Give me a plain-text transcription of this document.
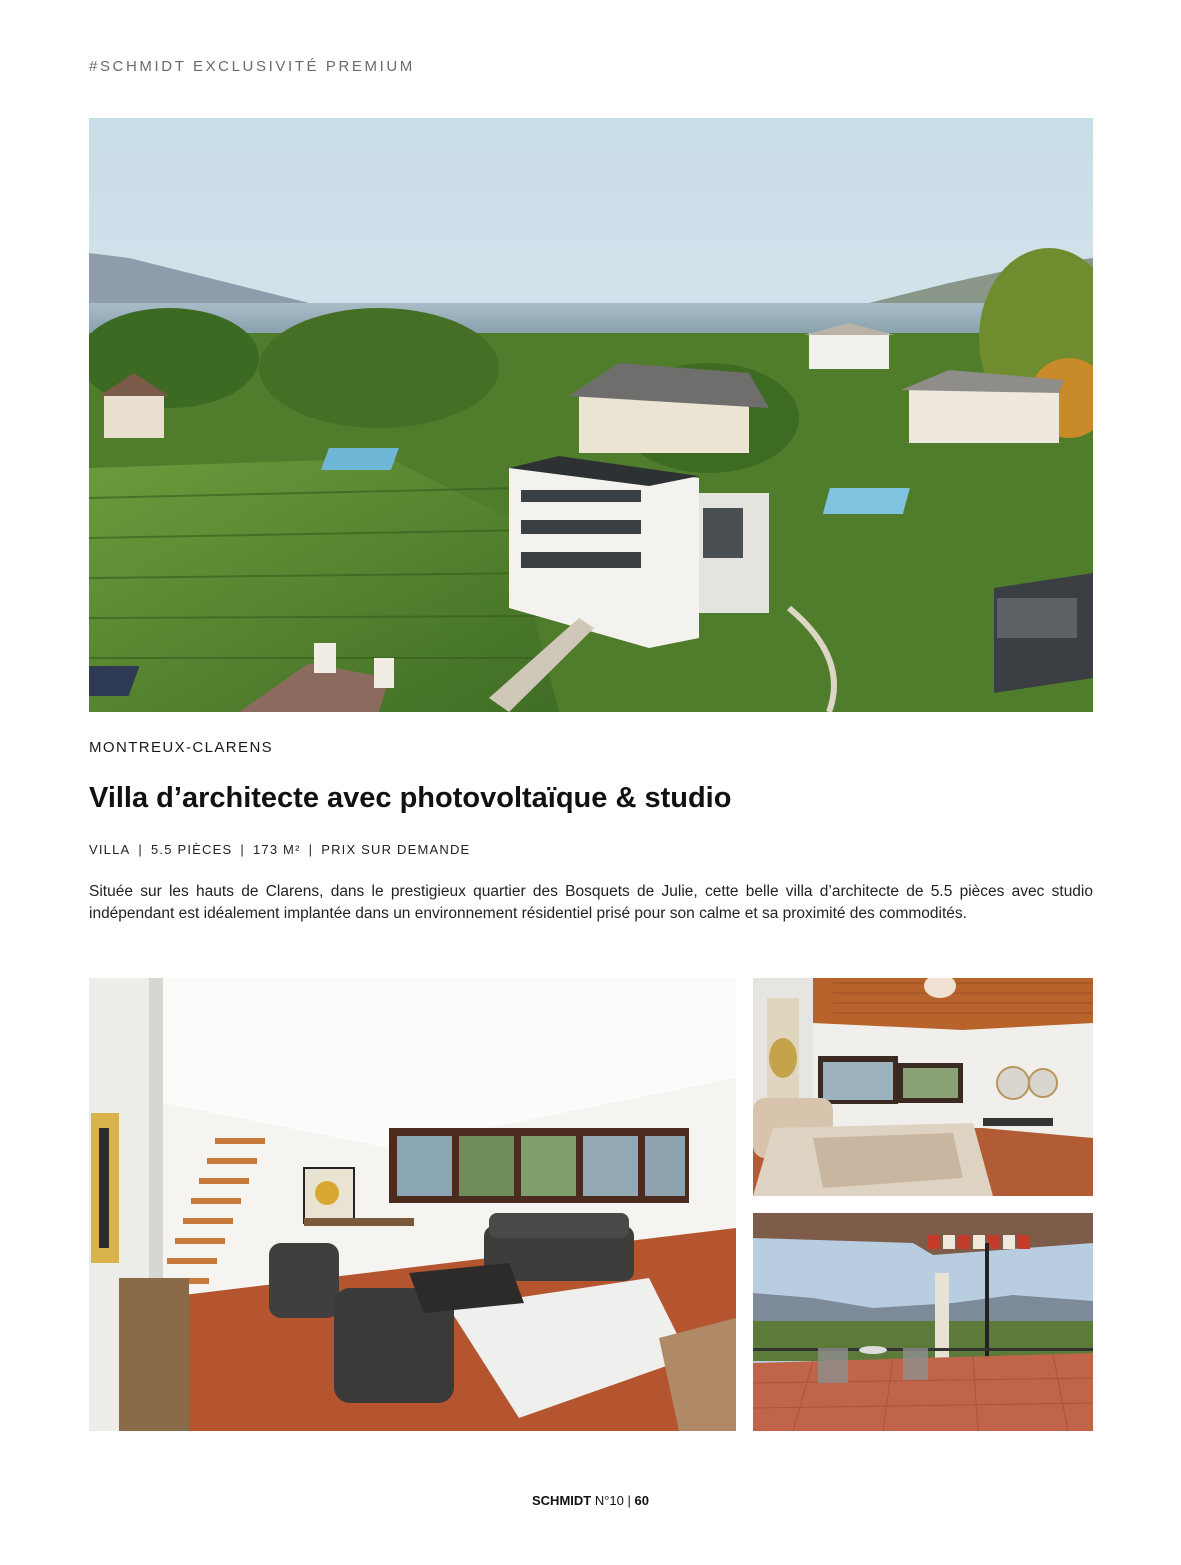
#SCHMIDT EXCLUSIVITÉ PREMIUM
MONTREUX-CLARENS
Villa d’architecte avec photovoltaïque & studio
VILLA | 5.5 PIÈCES | 173 M² | PRIX SUR DEMANDE

Située sur les hauts de Clarens, dans le prestigieux quartier des Bosquets de Julie, cette belle villa d’architecte de 5.5 pièces avec studio indépendant est idéalement implantée dans un environnement résidentiel prisé pour son calme et sa proximité des commodités.

SCHMIDT N°10 | 60
